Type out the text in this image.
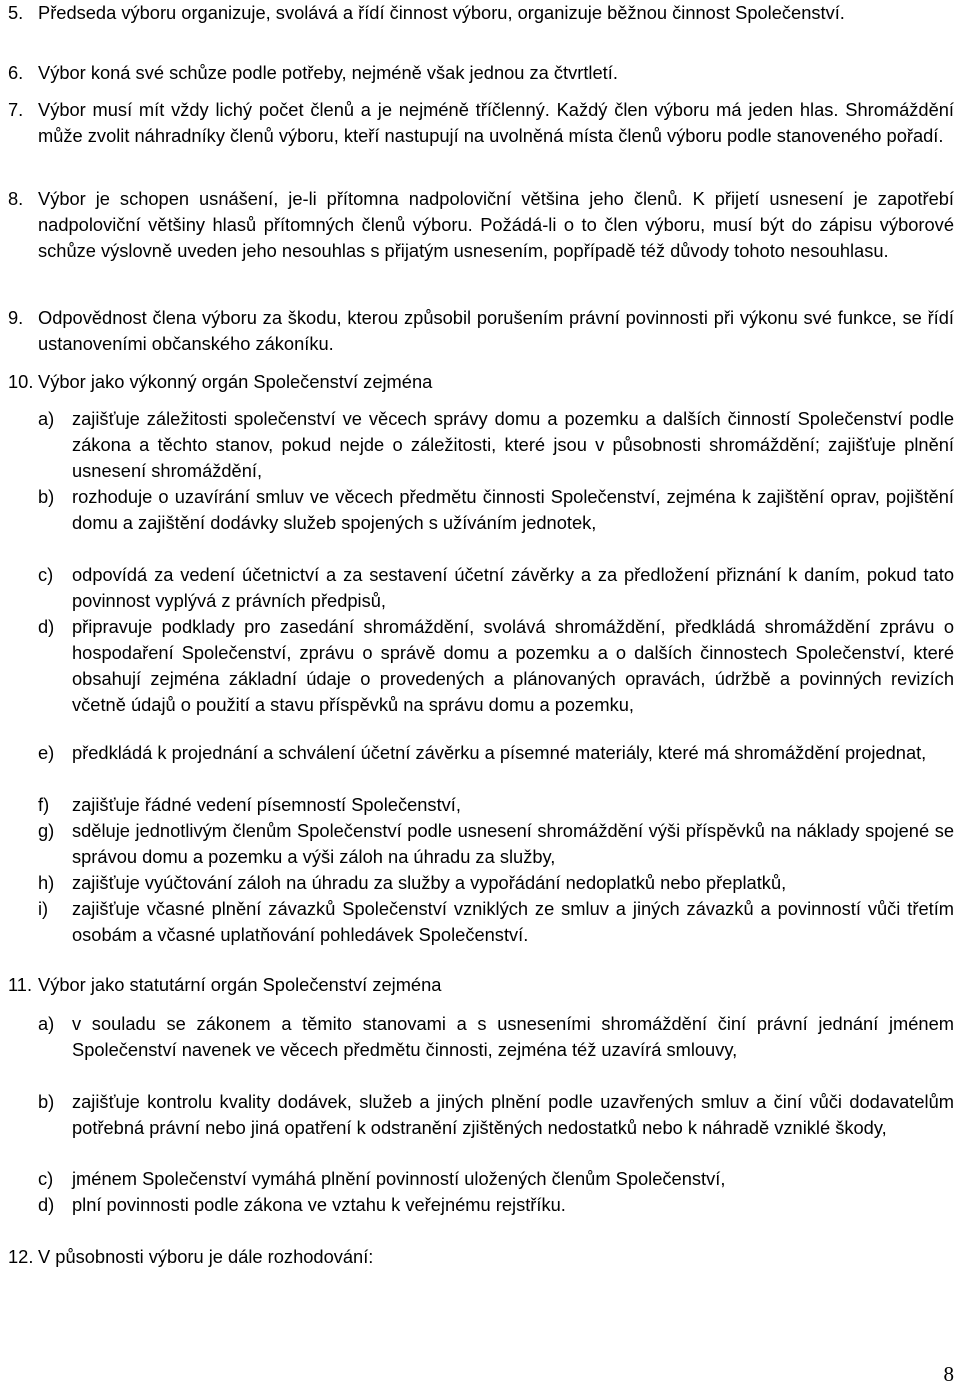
5. Předseda výboru organizuje, svolává a řídí činnost výboru, organizuje běžnou činnost Společenství.
6. Výbor koná své schůze podle potřeby, nejméně však jednou za čtvrtletí.
7. Výbor musí mít vždy lichý počet členů a je nejméně tříčlenný. Každý člen výboru má jeden hlas. Shromáždění může zvolit náhradníky členů výboru, kteří nastupují na uvolněná místa členů výboru podle stanoveného pořadí.
8. Výbor je schopen usnášení, je-li přítomna nadpoloviční většina jeho členů. K přijetí usnesení je zapotřebí nadpoloviční většiny hlasů přítomných členů výboru. Požádá-li o to člen výboru, musí být do zápisu výborové schůze výslovně uveden jeho nesouhlas s přijatým usnesením, popřípadě též důvody tohoto nesouhlasu.
9. Odpovědnost člena výboru za škodu, kterou způsobil porušením právní povinnosti při výkonu své funkce, se řídí ustanoveními občanského zákoníku.
10. Výbor jako výkonný orgán Společenství zejména
a) zajišťuje záležitosti společenství ve věcech správy domu a pozemku a dalších činností Společenství podle zákona a těchto stanov, pokud nejde o záležitosti, které jsou v působnosti shromáždění; zajišťuje plnění usnesení shromáždění,
b) rozhoduje o uzavírání smluv ve věcech předmětu činnosti Společenství, zejména k zajištění oprav, pojištění domu a zajištění dodávky služeb spojených s užíváním jednotek,
c) odpovídá za vedení účetnictví a za sestavení účetní závěrky a za předložení přiznání k daním, pokud tato povinnost vyplývá z právních předpisů,
d) připravuje podklady pro zasedání shromáždění, svolává shromáždění, předkládá shromáždění zprávu o hospodaření Společenství, zprávu o správě domu a pozemku a o dalších činnostech Společenství, které obsahují zejména základní údaje o provedených a plánovaných opravách, údržbě a povinných revizích včetně údajů o použití a stavu příspěvků na správu domu a pozemku,
e) předkládá k projednání a schválení účetní závěrku a písemné materiály, které má shromáždění projednat,
f) zajišťuje řádné vedení písemností Společenství,
g) sděluje jednotlivým členům Společenství podle usnesení shromáždění výši příspěvků na náklady spojené se správou domu a pozemku a výši záloh na úhradu za služby,
h) zajišťuje vyúčtování záloh na úhradu za služby a vypořádání nedoplatků nebo přeplatků,
i) zajišťuje včasné plnění závazků Společenství vzniklých ze smluv a jiných závazků a povinností vůči třetím osobám a včasné uplatňování pohledávek Společenství.
11. Výbor jako statutární orgán Společenství zejména
a) v souladu se zákonem a těmito stanovami a s usneseními shromáždění činí právní jednání jménem Společenství navenek ve věcech předmětu činnosti, zejména též uzavírá smlouvy,
b) zajišťuje kontrolu kvality dodávek, služeb a jiných plnění podle uzavřených smluv a činí vůči dodavatelům potřebná právní nebo jiná opatření k odstranění zjištěných nedostatků nebo k náhradě vzniklé škody,
c) jménem Společenství vymáhá plnění povinností uložených členům Společenství,
d) plní povinnosti podle zákona ve vztahu k veřejnému rejstříku.
12. V působnosti výboru je dále rozhodování:
8
